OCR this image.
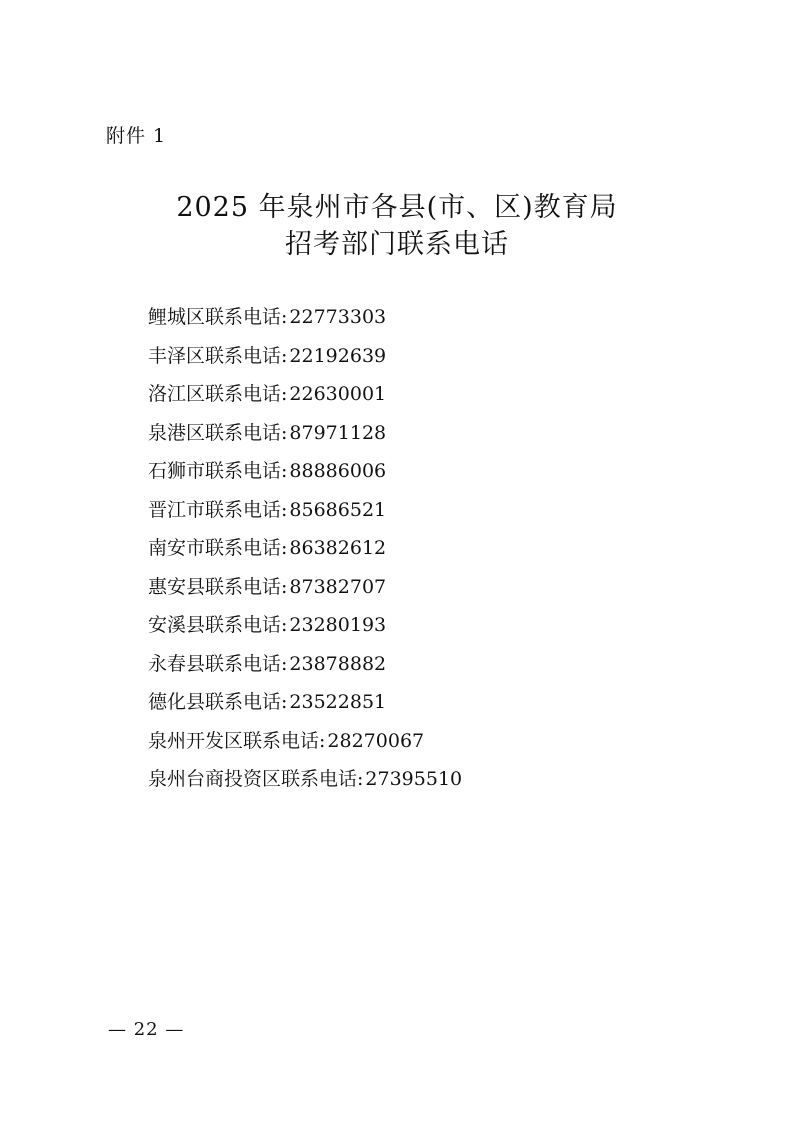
附件 1
2025 年泉州市各县(市、区)教育局
招考部门联系电话
鲤城区联系电话: 22773303
丰泽区联系电话: 22192639
洛江区联系电话: 22630001
泉港区联系电话: 87971128
石狮市联系电话: 88886006
晋江市联系电话: 85686521
南安市联系电话: 86382612
惠安县联系电话: 87382707
安溪县联系电话: 23280193
永春县联系电话: 23878882
德化县联系电话: 23522851
泉州开发区联系电话: 28270067
泉州台商投资区联系电话: 27395510
— 22 —
